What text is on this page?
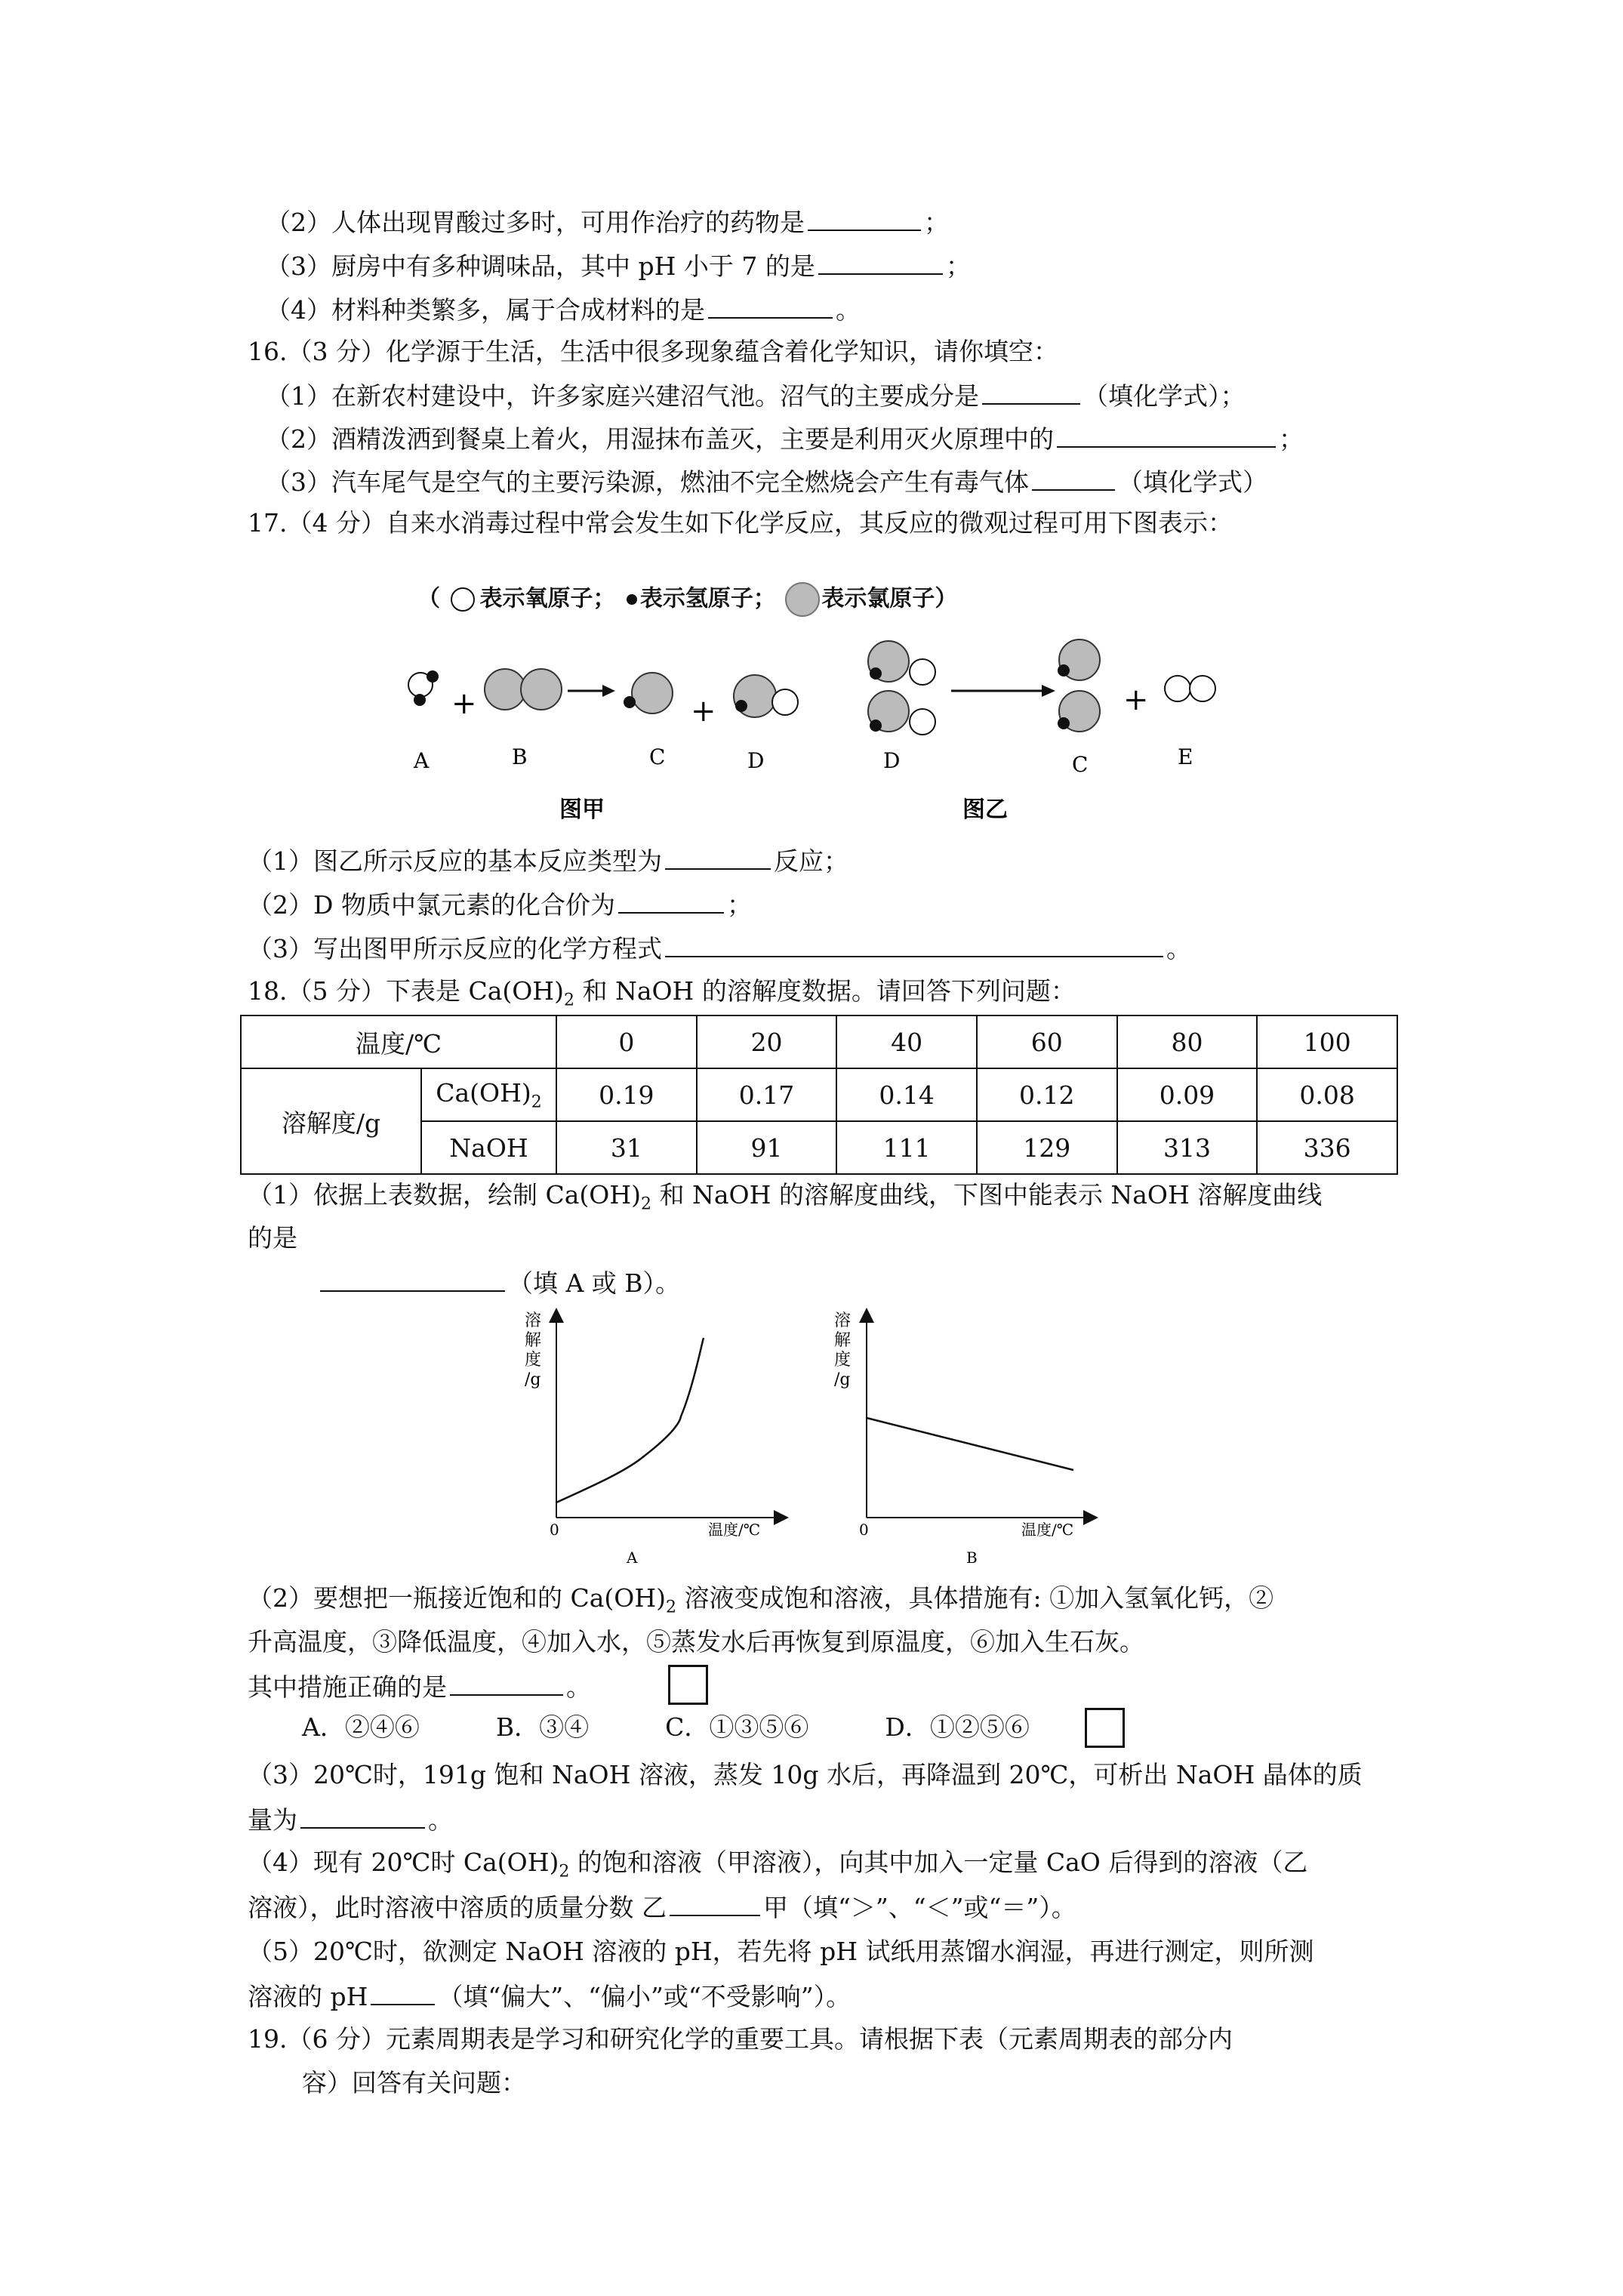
（2）人体出现胃酸过多时，可用作治疗的药物是	；
（3）厨房中有多种调味品，其中 pH 小于 7 的是	；
（4）材料种类繁多，属于合成材料的是	。
16.（3 分）化学源于生活，生活中很多现象蕴含着化学知识，请你填空：
（1）在新农村建设中，许多家庭兴建沼气池。沼气的主要成分是	（填化学式）；
（2）酒精泼洒到餐桌上着火，用湿抹布盖灭，主要是利用灭火原理中的	；
（3）汽车尾气是空气的主要污染源，燃油不完全燃烧会产生有毒气体	（填化学式）
17.（4 分）自来水消毒过程中常会发生如下化学反应，其反应的微观过程可用下图表示：
（ 表示氧原子； 表示氢原子； 表示氯原子）
+	+
A	B	C	D
图甲
+
D	C	E
图乙
（1）图乙所示反应的基本反应类型为	反应；
（2）D 物质中氯元素的化合价为	；
（3）写出图甲所示反应的化学方程式	。
18.（5 分）下表是 $Ca(OH)_2$ 和 NaOH 的溶解度数据。请回答下列问题：
温度/℃		0	20	40	60	80	100
溶解度/g	$Ca(OH)_2$	0.19	0.17	0.14	0.12	0.09	0.08
	NaOH	31	91	111	129	313	336
（1）依据上表数据，绘制 $Ca(OH)_2$ 和 NaOH 的溶解度曲线，下图中能表示 NaOH 溶解度曲线
的是
（填 A 或 B）。
溶
解
度
/g
温度/℃
0
A
溶
解
度
/g
温度/℃
0
B
（2）要想把一瓶接近饱和的 $Ca(OH)_2$ 溶液变成饱和溶液，具体措施有: ①加入氢氧化钙，②
升高温度，③降低温度，④加入水，⑤蒸发水后再恢复到原温度，⑥加入生石灰。
其中措施正确的是	。
A．②④⑥	B．③④	C．①③⑤⑥	D．①②⑤⑥
（3）20℃时，191g 饱和 NaOH 溶液，蒸发 10g 水后，再降温到 20℃，可析出 NaOH 晶体的质
量为	。
（4）现有 20℃时 $Ca(OH)_2$ 的饱和溶液（甲溶液），向其中加入一定量 CaO 后得到的溶液（乙
溶液），此时溶液中溶质的质量分数 乙	甲（填“＞”、“＜”或“＝”）。
（5）20℃时，欲测定 NaOH 溶液的 pH，若先将 pH 试纸用蒸馏水润湿，再进行测定，则所测
溶液的 pH	（填“偏大”、“偏小”或“不受影响”）。
19.（6 分）元素周期表是学习和研究化学的重要工具。请根据下表（元素周期表的部分内
容）回答有关问题：
